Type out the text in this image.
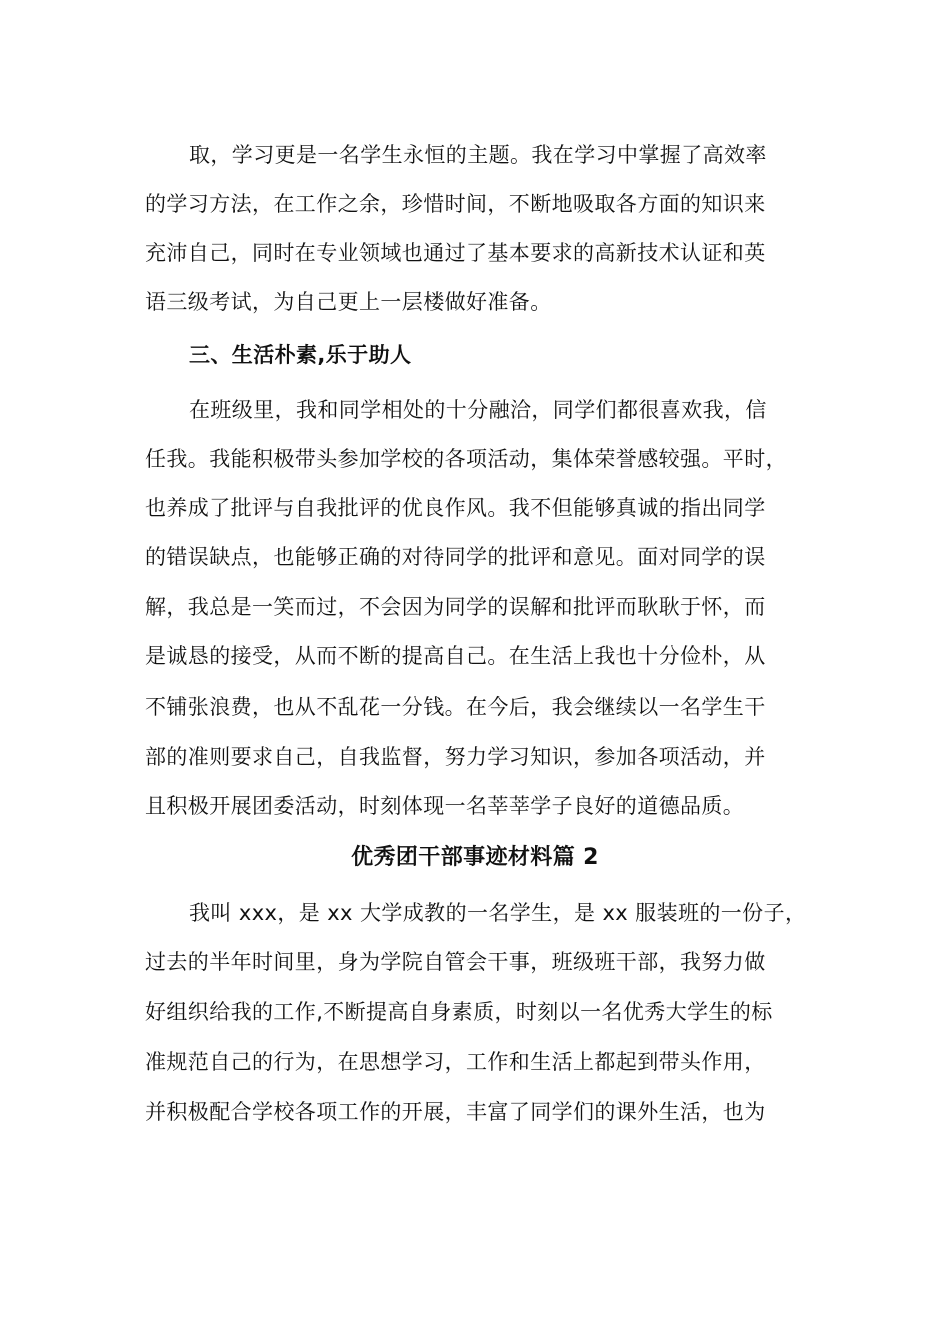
取，学习更是一名学生永恒的主题。我在学习中掌握了高效率
的学习方法，在工作之余，珍惜时间，不断地吸取各方面的知识来
充沛自己，同时在专业领域也通过了基本要求的高新技术认证和英
语三级考试，为自己更上一层楼做好准备。
三、生活朴素,乐于助人
在班级里，我和同学相处的十分融洽，同学们都很喜欢我，信
任我。我能积极带头参加学校的各项活动，集体荣誉感较强。平时，
也养成了批评与自我批评的优良作风。我不但能够真诚的指出同学
的错误缺点，也能够正确的对待同学的批评和意见。面对同学的误
解，我总是一笑而过，不会因为同学的误解和批评而耿耿于怀，而
是诚恳的接受，从而不断的提高自己。在生活上我也十分俭朴，从
不铺张浪费，也从不乱花一分钱。在今后，我会继续以一名学生干
部的准则要求自己，自我监督，努力学习知识，参加各项活动，并
且积极开展团委活动，时刻体现一名莘莘学子良好的道德品质。
优秀团干部事迹材料篇 2
我叫 xxx，是 xx 大学成教的一名学生，是 xx 服装班的一份子，
过去的半年时间里，身为学院自管会干事，班级班干部，我努力做
好组织给我的工作,不断提高自身素质，时刻以一名优秀大学生的标
准规范自己的行为，在思想学习，工作和生活上都起到带头作用，
并积极配合学校各项工作的开展，丰富了同学们的课外生活，也为
